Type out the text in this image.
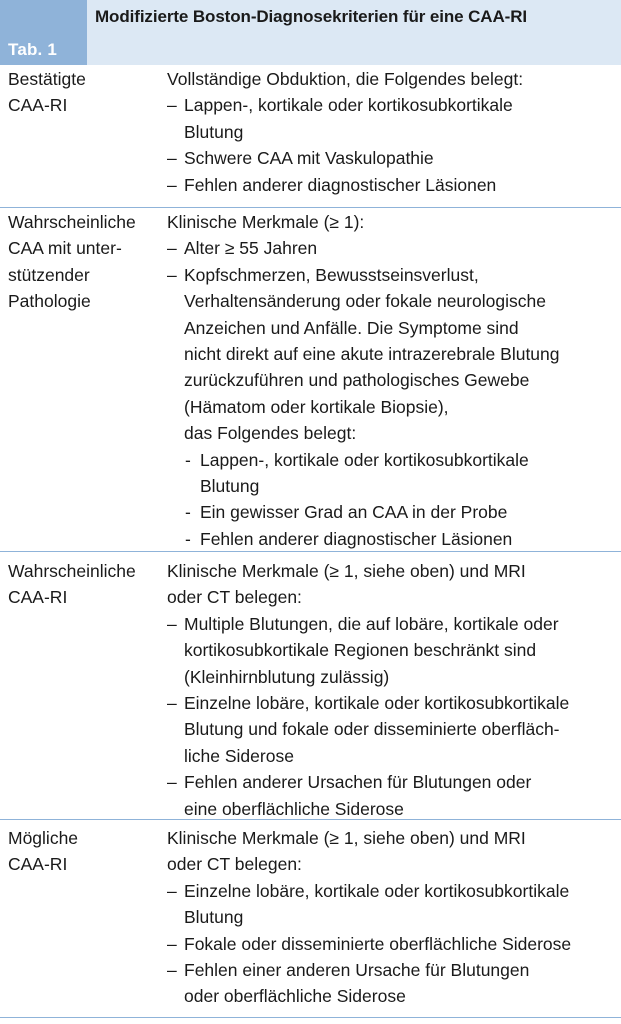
Tab. 1
Modifizierte Boston-Diagnosekriterien für eine CAA-RI
Bestätigte
CAA-RI
Vollständige Obduktion, die Folgendes belegt:
– Lappen-, kortikale oder kortikosubkortikale
Blutung
– Schwere CAA mit Vaskulopathie
– Fehlen anderer diagnostischer Läsionen
Wahrscheinliche
CAA mit unter-
stützender
Pathologie
Klinische Merkmale (≥ 1):
– Alter ≥ 55 Jahren
– Kopfschmerzen, Bewusstseinsverlust,
Verhaltensänderung oder fokale neurologische
Anzeichen und Anfälle. Die Symptome sind
nicht direkt auf eine akute intrazerebrale Blutung
zurückzuführen und pathologisches Gewebe
(Hämatom oder kortikale Biopsie),
das Folgendes belegt:
- Lappen-, kortikale oder kortikosubkortikale
Blutung
- Ein gewisser Grad an CAA in der Probe
- Fehlen anderer diagnostischer Läsionen
Wahrscheinliche
CAA-RI
Klinische Merkmale (≥ 1, siehe oben) und MRI
oder CT belegen:
– Multiple Blutungen, die auf lobäre, kortikale oder
kortikosubkortikale Regionen beschränkt sind
(Kleinhirnblutung zulässig)
– Einzelne lobäre, kortikale oder kortikosubkortikale
Blutung und fokale oder disseminierte oberfläch-
liche Siderose
– Fehlen anderer Ursachen für Blutungen oder
eine oberflächliche Siderose
Mögliche
CAA-RI
Klinische Merkmale (≥ 1, siehe oben) und MRI
oder CT belegen:
– Einzelne lobäre, kortikale oder kortikosubkortikale
Blutung
– Fokale oder disseminierte oberflächliche Siderose
– Fehlen einer anderen Ursache für Blutungen
oder oberflächliche Siderose
